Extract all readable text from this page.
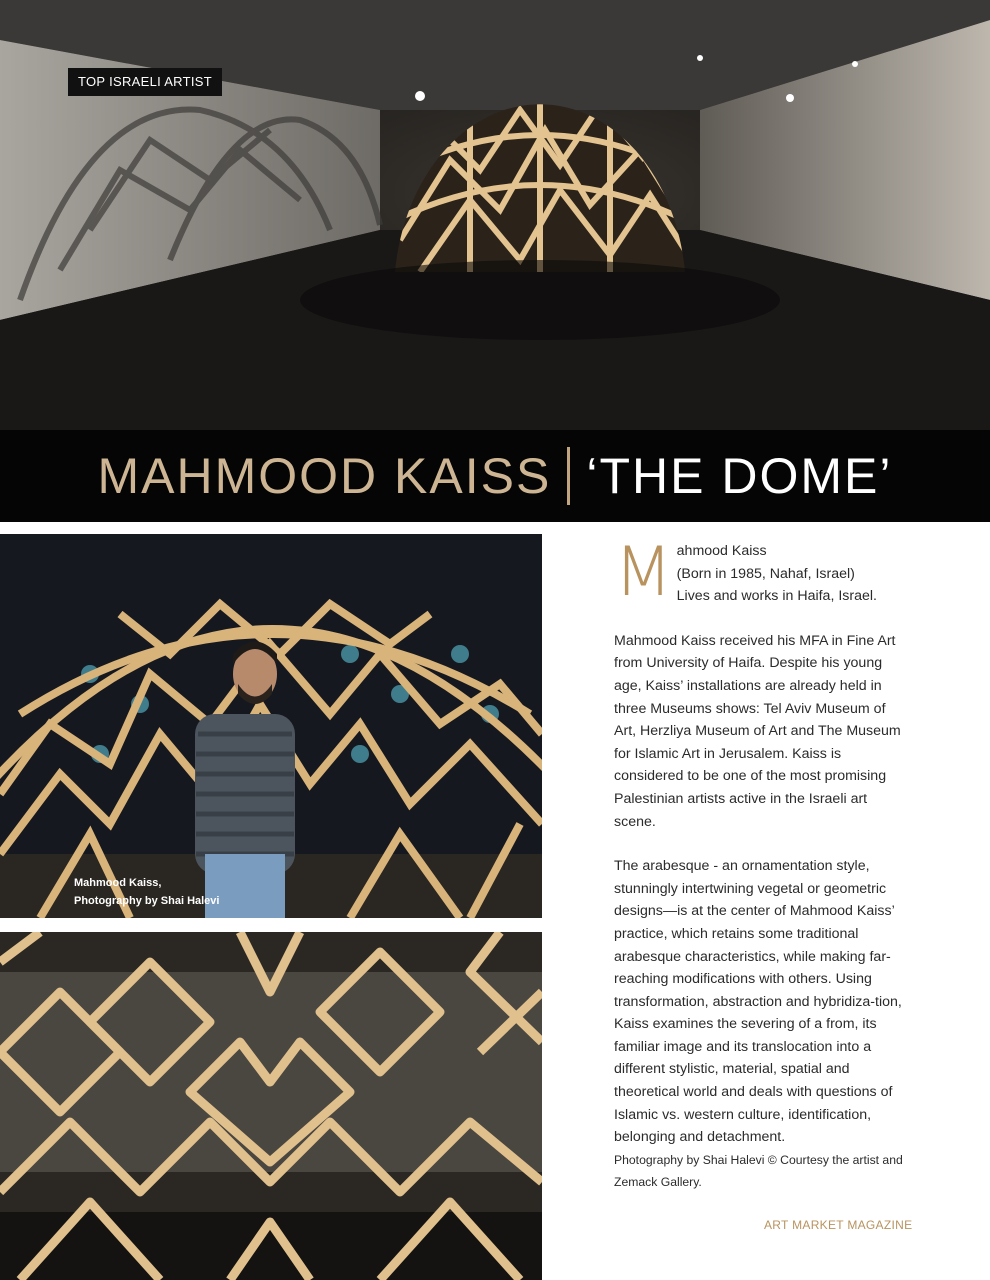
TOP ISRAELI ARTIST
MAHMOOD KAISS ‘THE DOME’
Mahmood Kaiss,
Photography by Shai Halevi
M ahmood Kaiss
(Born in 1985, Nahaf, Israel)
Lives and works in Haifa, Israel.

Mahmood Kaiss received his MFA in Fine Art from University of Haifa. Despite his young age, Kaiss’ installations are already held in three Museums shows: Tel Aviv Museum of Art, Herzliya Museum of Art and The Museum for Islamic Art in Jerusalem. Kaiss is considered to be one of the most promising Palestinian artists active in the Israeli art scene.

The arabesque - an ornamentation style, stunningly intertwining vegetal or geometric designs—is at the center of Mahmood Kaiss’ practice, which retains some traditional arabesque characteristics, while making far-reaching modifications with others. Using transformation, abstraction and hybridiza-tion, Kaiss examines the severing of a from, its familiar image and its translocation into a different stylistic, material, spatial and theoretical world and deals with questions of Islamic vs. western culture, identification, belonging and detachment.

Photography by Shai Halevi © Courtesy the artist and Zemack Gallery.
ART MARKET MAGAZINE
